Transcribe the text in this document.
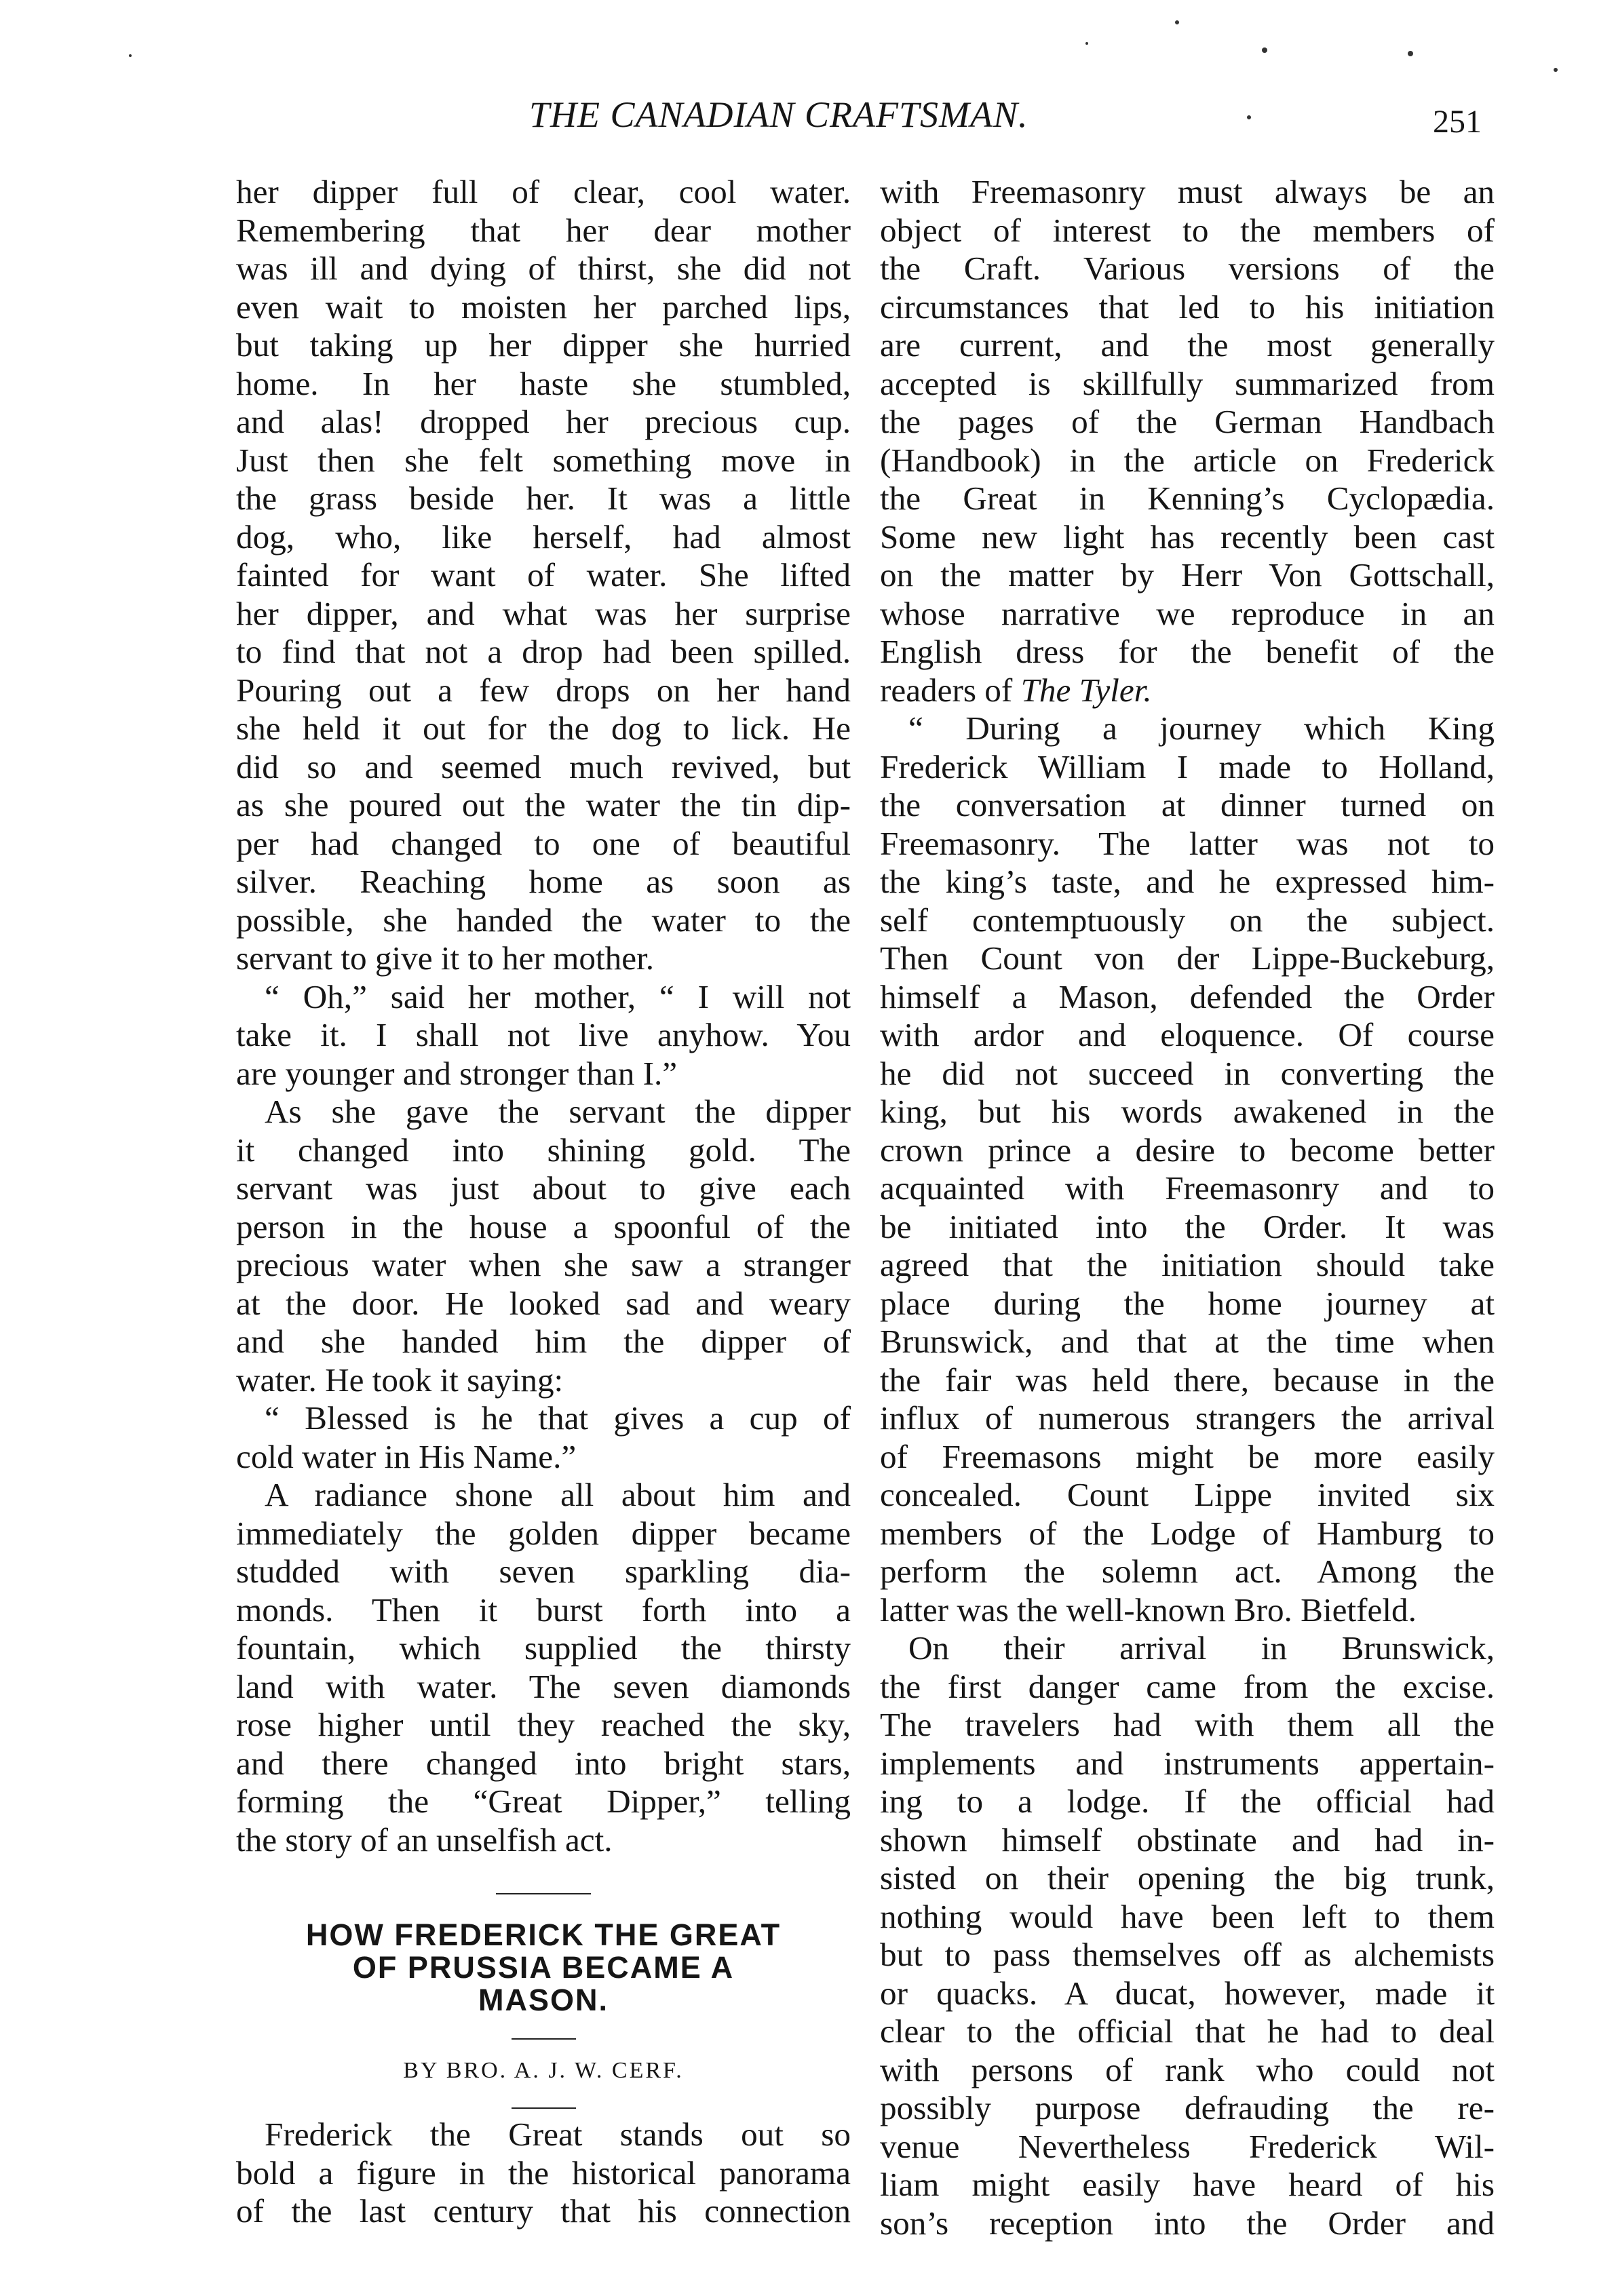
THE CANADIAN CRAFTSMAN.	251
her dipper full of clear, cool water.
Remembering that her dear mother
was ill and dying of thirst, she did not
even wait to moisten her parched lips,
but taking up her dipper she hurried
home. In her haste she stumbled,
and alas! dropped her precious cup.
Just then she felt something move in
the grass beside her. It was a little
dog, who, like herself, had almost
fainted for want of water. She lifted
her dipper, and what was her surprise
to find that not a drop had been spilled.
Pouring out a few drops on her hand
she held it out for the dog to lick. He
did so and seemed much revived, but
as she poured out the water the tin dip-
per had changed to one of beautiful
silver. Reaching home as soon as
possible, she handed the water to the
servant to give it to her mother.
“ Oh,” said her mother, “ I will not
take it. I shall not live anyhow. You
are younger and stronger than I.”
As she gave the servant the dipper
it changed into shining gold. The
servant was just about to give each
person in the house a spoonful of the
precious water when she saw a stranger
at the door. He looked sad and weary
and she handed him the dipper of
water. He took it saying:
“ Blessed is he that gives a cup of
cold water in His Name.”
A radiance shone all about him and
immediately the golden dipper became
studded with seven sparkling dia-
monds. Then it burst forth into a
fountain, which supplied the thirsty
land with water. The seven diamonds
rose higher until they reached the sky,
and there changed into bright stars,
forming the “Great Dipper,” telling
the story of an unselfish act.
HOW FREDERICK THE GREAT
OF PRUSSIA BECAME A
MASON.
BY BRO. A. J. W. CERF.
Frederick the Great stands out so
bold a figure in the historical panorama
of the last century that his connection
with Freemasonry must always be an
object of interest to the members of
the Craft. Various versions of the
circumstances that led to his initiation
are current, and the most generally
accepted is skillfully summarized from
the pages of the German Handbach
(Handbook) in the article on Frederick
the Great in Kenning’s Cyclopædia.
Some new light has recently been cast
on the matter by Herr Von Gottschall,
whose narrative we reproduce in an
English dress for the benefit of the
readers of The Tyler.
“ During a journey which King
Frederick William I made to Holland,
the conversation at dinner turned on
Freemasonry. The latter was not to
the king’s taste, and he expressed him-
self contemptuously on the subject.
Then Count von der Lippe-Buckeburg,
himself a Mason, defended the Order
with ardor and eloquence. Of course
he did not succeed in converting the
king, but his words awakened in the
crown prince a desire to become better
acquainted with Freemasonry and to
be initiated into the Order. It was
agreed that the initiation should take
place during the home journey at
Brunswick, and that at the time when
the fair was held there, because in the
influx of numerous strangers the arrival
of Freemasons might be more easily
concealed. Count Lippe invited six
members of the Lodge of Hamburg to
perform the solemn act. Among the
latter was the well-known Bro. Bietfeld.
On their arrival in Brunswick,
the first danger came from the excise.
The travelers had with them all the
implements and instruments appertain-
ing to a lodge. If the official had
shown himself obstinate and had in-
sisted on their opening the big trunk,
nothing would have been left to them
but to pass themselves off as alchemists
or quacks. A ducat, however, made it
clear to the official that he had to deal
with persons of rank who could not
possibly purpose defrauding the re-
venue Nevertheless Frederick Wil-
liam might easily have heard of his
son’s reception into the Order and
